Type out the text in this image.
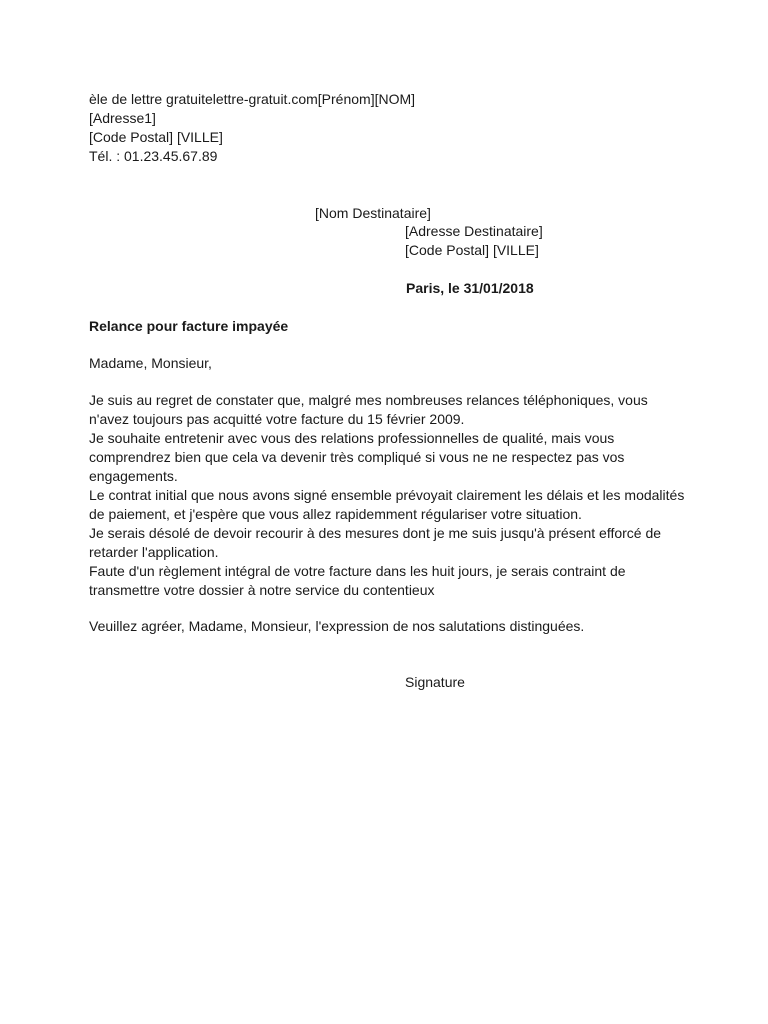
èle de lettre gratuitelettre-gratuit.com[Prénom][NOM]
[Adresse1]
[Code Postal] [VILLE]
Tél. : 01.23.45.67.89
[Nom Destinataire]
[Adresse Destinataire]
[Code Postal] [VILLE]
Paris, le 31/01/2018
Relance pour facture impayée
Madame, Monsieur,
Je suis au regret de constater que, malgré mes nombreuses relances téléphoniques, vous
n'avez toujours pas acquitté votre facture du 15 février 2009.
Je souhaite entretenir avec vous des relations professionnelles de qualité, mais vous
comprendrez bien que cela va devenir très compliqué si vous ne ne respectez pas vos
engagements.
Le contrat initial que nous avons signé ensemble prévoyait clairement les délais et les modalités
de paiement, et j'espère que vous allez rapidemment régulariser votre situation.
Je serais désolé de devoir recourir à des mesures dont je me suis jusqu'à présent efforcé de
retarder l'application.
Faute d'un règlement intégral de votre facture dans les huit jours, je serais contraint de
transmettre votre dossier à notre service du contentieux
Veuillez agréer, Madame, Monsieur, l'expression de nos salutations distinguées.
Signature
